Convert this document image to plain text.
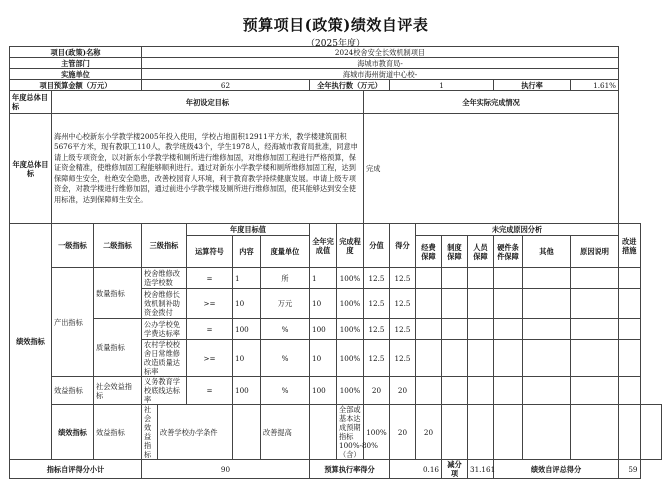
预算项目(政策)绩效自评表
（2025年度）
项目(政策)名称			2024校舍安全长效机制项目																
主管部门			海城市教育局-																
实施单位			海城市海州街道中心校-																
项目预算金额（万元）			62					全年执行数（万元）			1				执行率		1.61%		
年度总体目标	年初设定目标									全年实际完成情况									
年度总体目标	海州中心校新东小学教学楼2005年投入使用，学校占地面积12911平方米，教学楼建筑面积5676平方米，现有教职工110人，教学班级43个，学生1978人，经海城市教育局批准，同意申请上级专项资金，以对新东小学教学楼和厕所进行维修加固，对维修加固工程进行严格预算，保证资金精准，使维修加固工程能够顺利进行。通过对新东小学教学楼和厕所维修加固工程，达到保障师生安全，杜绝安全隐患，改善校园育人环境，利于教育教学持续健康发展。申请上级专项资金，对教学楼进行维修加固，通过前进小学教学楼及厕所进行维修加固，使其能够达到安全使用标准，达到保障师生安全。									完成									
绩效指标	一级指标	二级指标	三级指标		年度目标值			全年完成值	完成程度	分值	得分	未完成原因分析						改进措施	
					运算符号	内容	度量单位					经费保障	制度保障	人员保障	硬件条件保障	其他	原因说明		
	产出指标	数量指标	校舍维修改造学校数		=	1	所	1	100%	12.5	12.5								
			校舍维修长效机制补助资金拨付		>=	10	万元	10	100%	12.5	12.5								
		质量指标	公办学校免学费达标率		=	100	%	100	100%	12.5	12.5								
			农村学校校舍日常维修改造质量达标率		>=	10	%	10	100%	12.5	12.5								
	效益指标	社会效益指标	义务教育学校底线达标率		=	100	%	100	100%	20	20								
	绩效指标	效益指标	社会效益指标	改善学校办学条件			改善提高		全部或基本达成预期指标100%-80%（含）	100%	20	20							
指标自评得分小计			90					预算执行率得分			0.16		减分项	31.161	绩效自评总得分			59	
